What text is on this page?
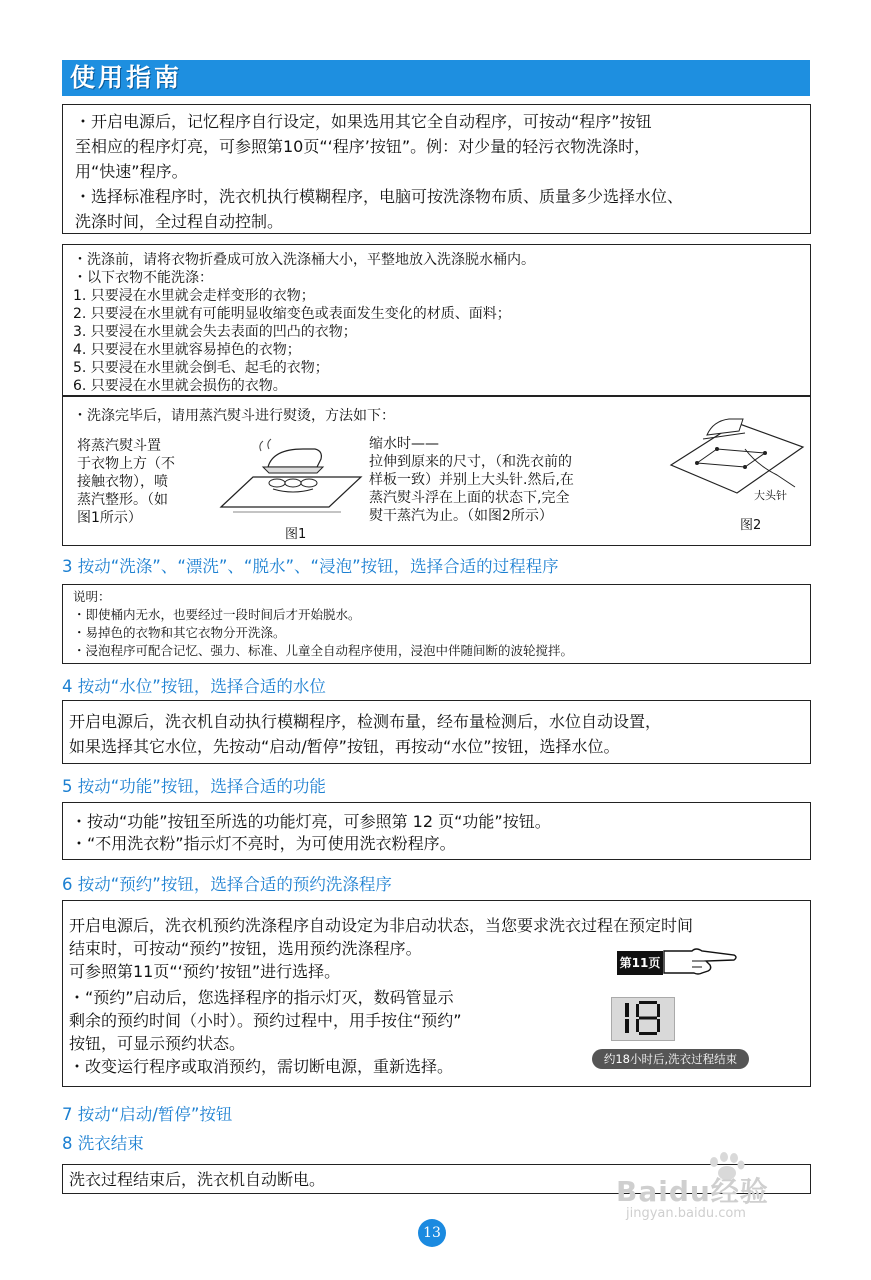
使用指南
・开启电源后，记忆程序自行设定，如果选用其它全自动程序，可按动“程序”按钮
至相应的程序灯亮，可参照第10页“‘程序’按钮”。例：对少量的轻污衣物洗涤时，
用“快速”程序。
・选择标准程序时，洗衣机执行模糊程序，电脑可按洗涤物布质、质量多少选择水位、
洗涤时间，全过程自动控制。
・洗涤前，请将衣物折叠成可放入洗涤桶大小，平整地放入洗涤脱水桶内。
・以下衣物不能洗涤：
1. 只要浸在水里就会走样变形的衣物；
2. 只要浸在水里就有可能明显收缩变色或表面发生变化的材质、面料；
3. 只要浸在水里就会失去表面的凹凸的衣物；
4. 只要浸在水里就容易掉色的衣物；
5. 只要浸在水里就会倒毛、起毛的衣物；
6. 只要浸在水里就会损伤的衣物。
・洗涤完毕后，请用蒸汽熨斗进行熨烫，方法如下：
将蒸汽熨斗置
于衣物上方（不
接触衣物），喷
蒸汽整形。（如
图1所示）
图1
缩水时——
拉伸到原来的尺寸，（和洗衣前的
样板一致）并别上大头针.然后,在
蒸汽熨斗浮在上面的状态下,完全
熨干蒸汽为止。（如图2所示）
大头针
图2
3 按动“洗涤”、“漂洗”、“脱水”、“浸泡”按钮，选择合适的过程程序
说明：
・即使桶内无水，也要经过一段时间后才开始脱水。
・易掉色的衣物和其它衣物分开洗涤。
・浸泡程序可配合记忆、强力、标准、儿童全自动程序使用，浸泡中伴随间断的波轮搅拌。
4 按动“水位”按钮，选择合适的水位
开启电源后，洗衣机自动执行模糊程序，检测布量，经布量检测后，水位自动设置，
如果选择其它水位，先按动“启动/暂停”按钮，再按动“水位”按钮，选择水位。
5 按动“功能”按钮，选择合适的功能
・按动“功能”按钮至所选的功能灯亮，可参照第 12 页“功能”按钮。
・“不用洗衣粉”指示灯不亮时，为可使用洗衣粉程序。
6 按动“预约”按钮，选择合适的预约洗涤程序
开启电源后，洗衣机预约洗涤程序自动设定为非启动状态，当您要求洗衣过程在预定时间
结束时，可按动“预约”按钮，选用预约洗涤程序。
可参照第11页“‘预约’按钮”进行选择。
・“预约”启动后，您选择程序的指示灯灭，数码管显示
剩余的预约时间（小时）。预约过程中，用手按住“预约”
按钮，可显示预约状态。
・改变运行程序或取消预约，需切断电源，重新选择。
第11页
约18小时后,洗衣过程结束
7 按动“启动/暂停”按钮
8 洗衣结束
洗衣过程结束后，洗衣机自动断电。
13
Baidu经验
jingyan.baidu.com
